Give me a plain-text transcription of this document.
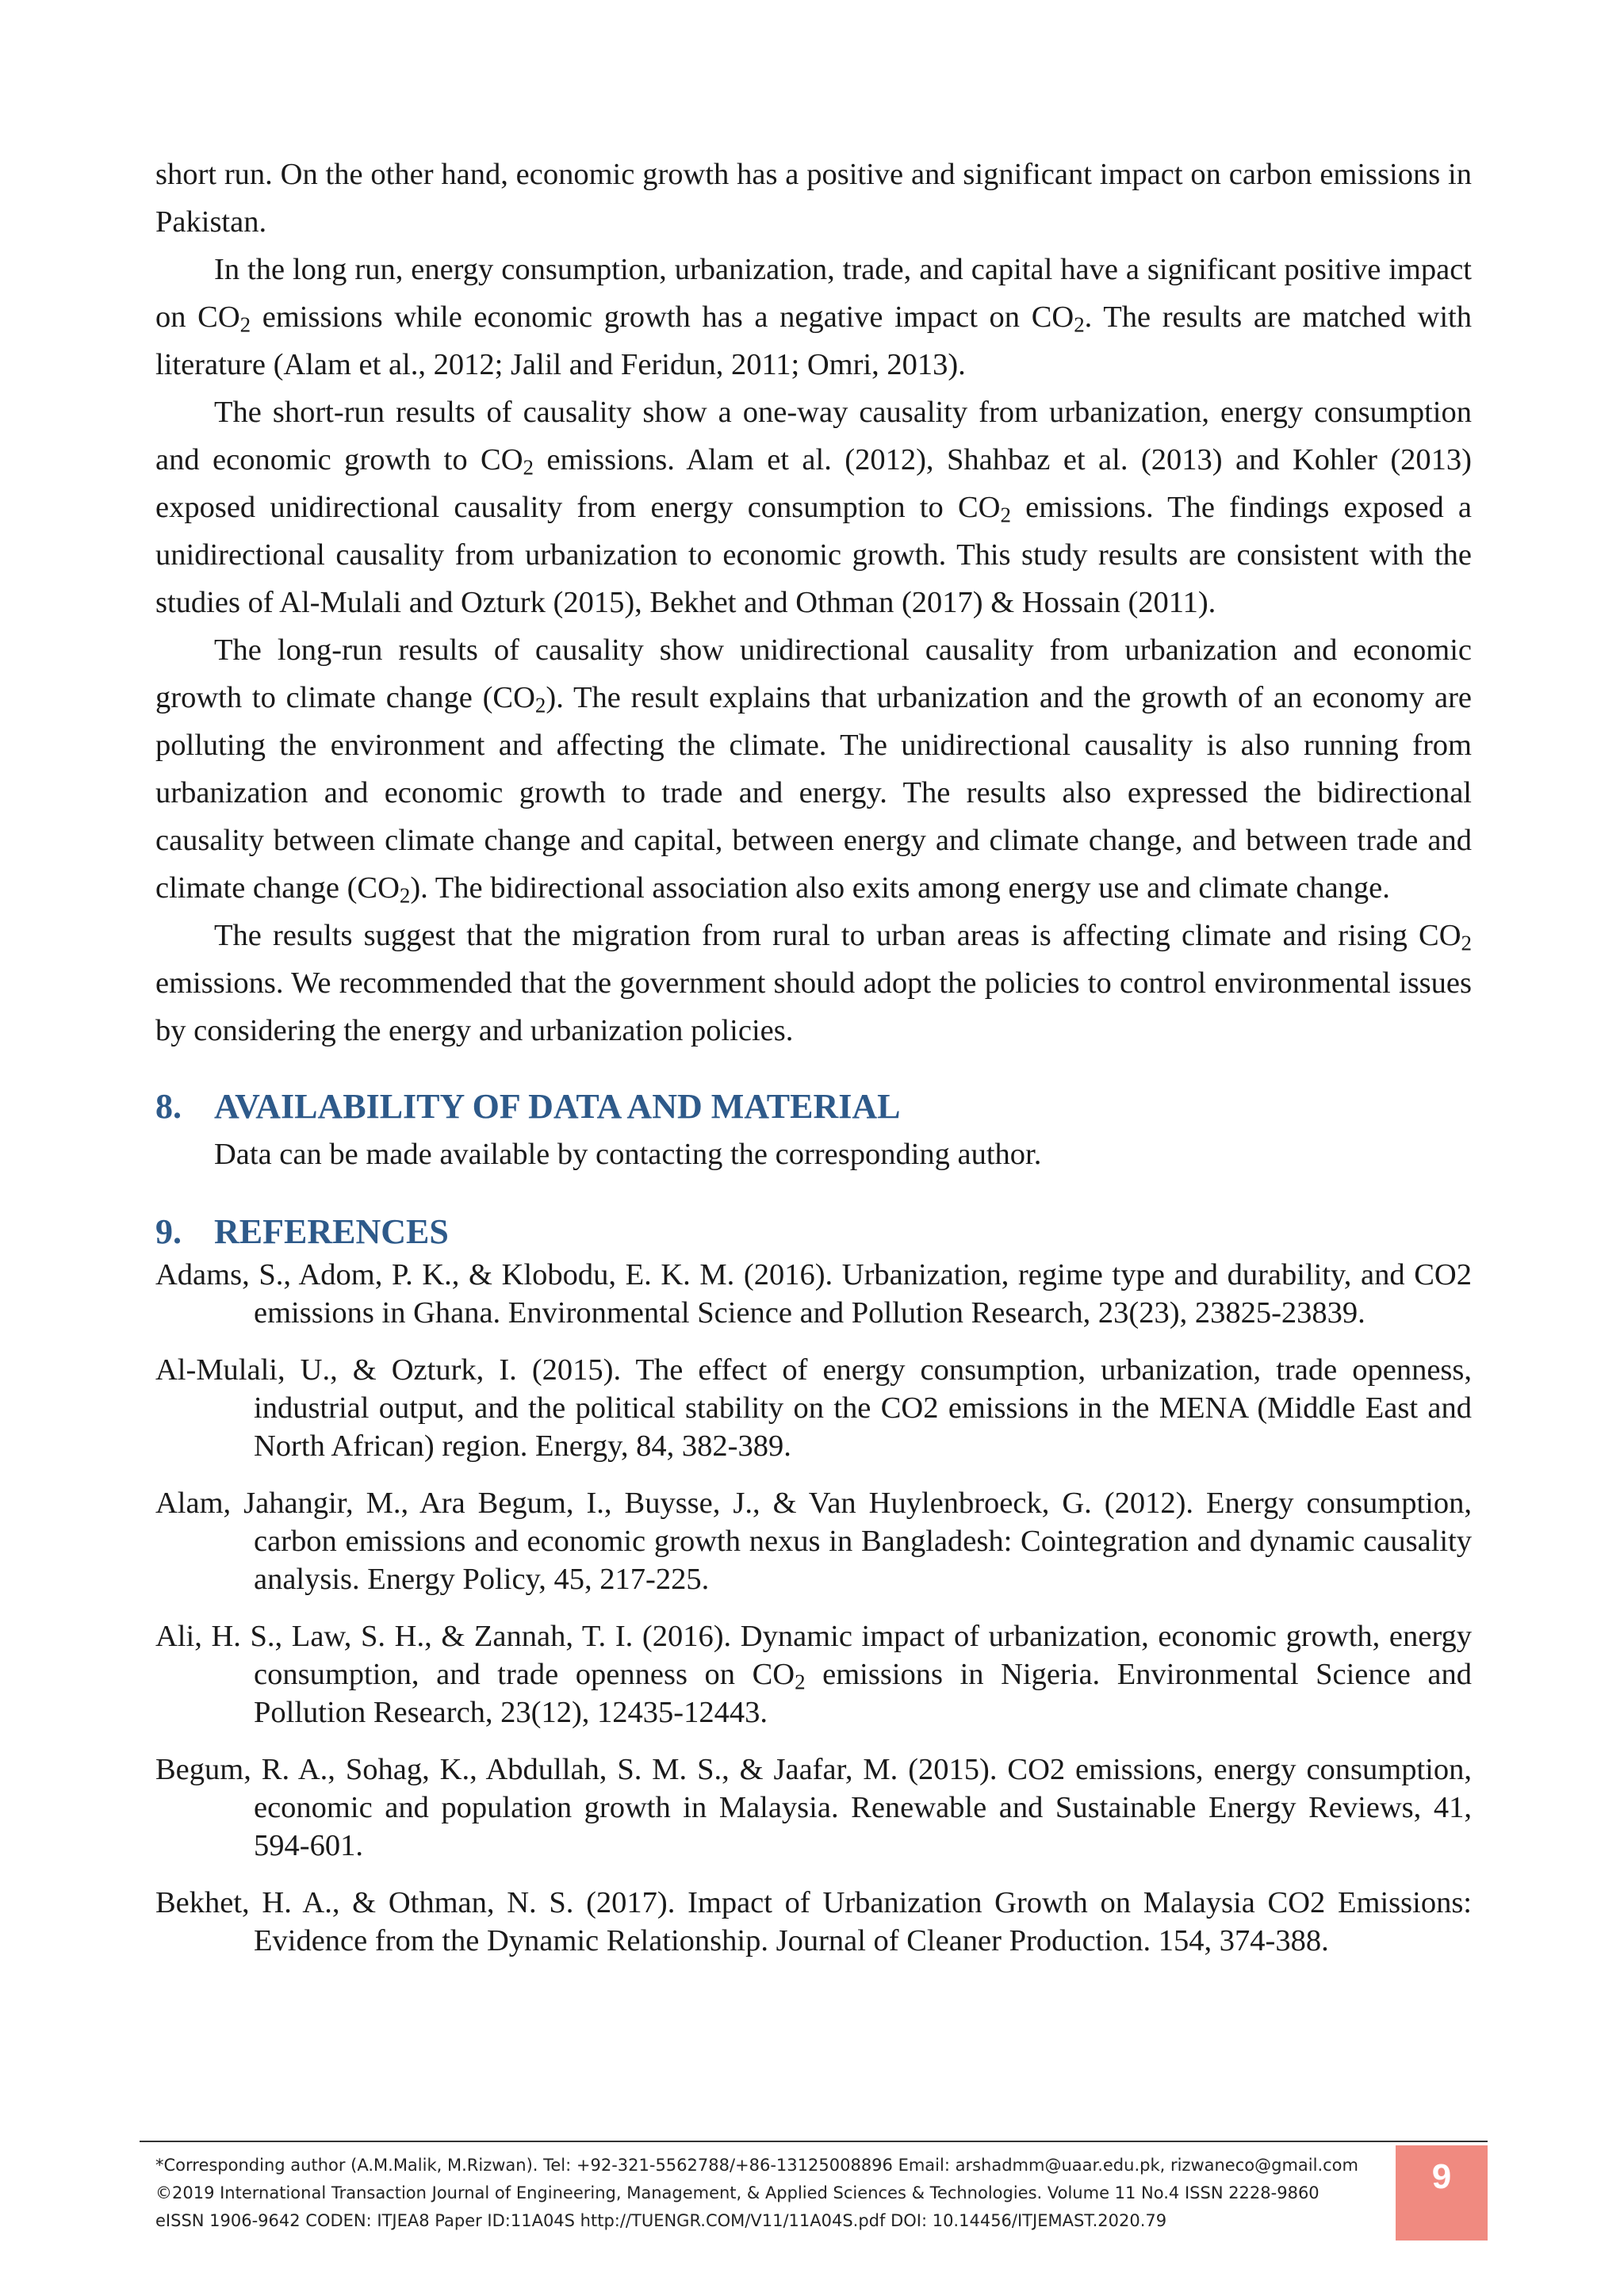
short run. On the other hand, economic growth has a positive and significant impact on carbon emissions in Pakistan.

In the long run, energy consumption, urbanization, trade, and capital have a significant positive impact on $CO_2$ emissions while economic growth has a negative impact on $CO_2$. The results are matched with literature (Alam et al., 2012; Jalil and Feridun, 2011; Omri, 2013).

The short-run results of causality show a one-way causality from urbanization, energy consumption and economic growth to $CO_2$ emissions. Alam et al. (2012), Shahbaz et al. (2013) and Kohler (2013) exposed unidirectional causality from energy consumption to $CO_2$ emissions. The findings exposed a unidirectional causality from urbanization to economic growth. This study results are consistent with the studies of Al-Mulali and Ozturk (2015), Bekhet and Othman (2017) & Hossain (2011).

The long-run results of causality show unidirectional causality from urbanization and economic growth to climate change $(CO_2)$. The result explains that urbanization and the growth of an economy are polluting the environment and affecting the climate. The unidirectional causality is also running from urbanization and economic growth to trade and energy. The results also expressed the bidirectional causality between climate change and capital, between energy and climate change, and between trade and climate change $(CO_2)$. The bidirectional association also exits among energy use and climate change.

The results suggest that the migration from rural to urban areas is affecting climate and rising $CO_2$ emissions. We recommended that the government should adopt the policies to control environmental issues by considering the energy and urbanization policies.

8. AVAILABILITY OF DATA AND MATERIAL

Data can be made available by contacting the corresponding author.

9. REFERENCES

Adams, S., Adom, P. K., & Klobodu, E. K. M. (2016). Urbanization, regime type and durability, and CO2 emissions in Ghana. Environmental Science and Pollution Research, 23(23), 23825-23839.

Al-Mulali, U., & Ozturk, I. (2015). The effect of energy consumption, urbanization, trade openness, industrial output, and the political stability on the CO2 emissions in the MENA (Middle East and North African) region. Energy, 84, 382-389.

Alam, Jahangir, M., Ara Begum, I., Buysse, J., & Van Huylenbroeck, G. (2012). Energy consumption, carbon emissions and economic growth nexus in Bangladesh: Cointegration and dynamic causality analysis. Energy Policy, 45, 217-225.

Ali, H. S., Law, S. H., & Zannah, T. I. (2016). Dynamic impact of urbanization, economic growth, energy consumption, and trade openness on $CO_2$ emissions in Nigeria. Environmental Science and Pollution Research, 23(12), 12435-12443.

Begum, R. A., Sohag, K., Abdullah, S. M. S., & Jaafar, M. (2015). CO2 emissions, energy consumption, economic and population growth in Malaysia. Renewable and Sustainable Energy Reviews, 41, 594-601.

Bekhet, H. A., & Othman, N. S. (2017). Impact of Urbanization Growth on Malaysia CO2 Emissions: Evidence from the Dynamic Relationship. Journal of Cleaner Production. 154, 374-388.

*Corresponding author (A.M.Malik, M.Rizwan). Tel: +92-321-5562788/+86-13125008896 Email: arshadmm@uaar.edu.pk, rizwaneco@gmail.com
©2019 International Transaction Journal of Engineering, Management, & Applied Sciences & Technologies. Volume 11 No.4 ISSN 2228-9860
eISSN 1906-9642 CODEN: ITJEA8 Paper ID:11A04S http://TUENGR.COM/V11/11A04S.pdf DOI: 10.14456/ITJEMAST.2020.79
9
